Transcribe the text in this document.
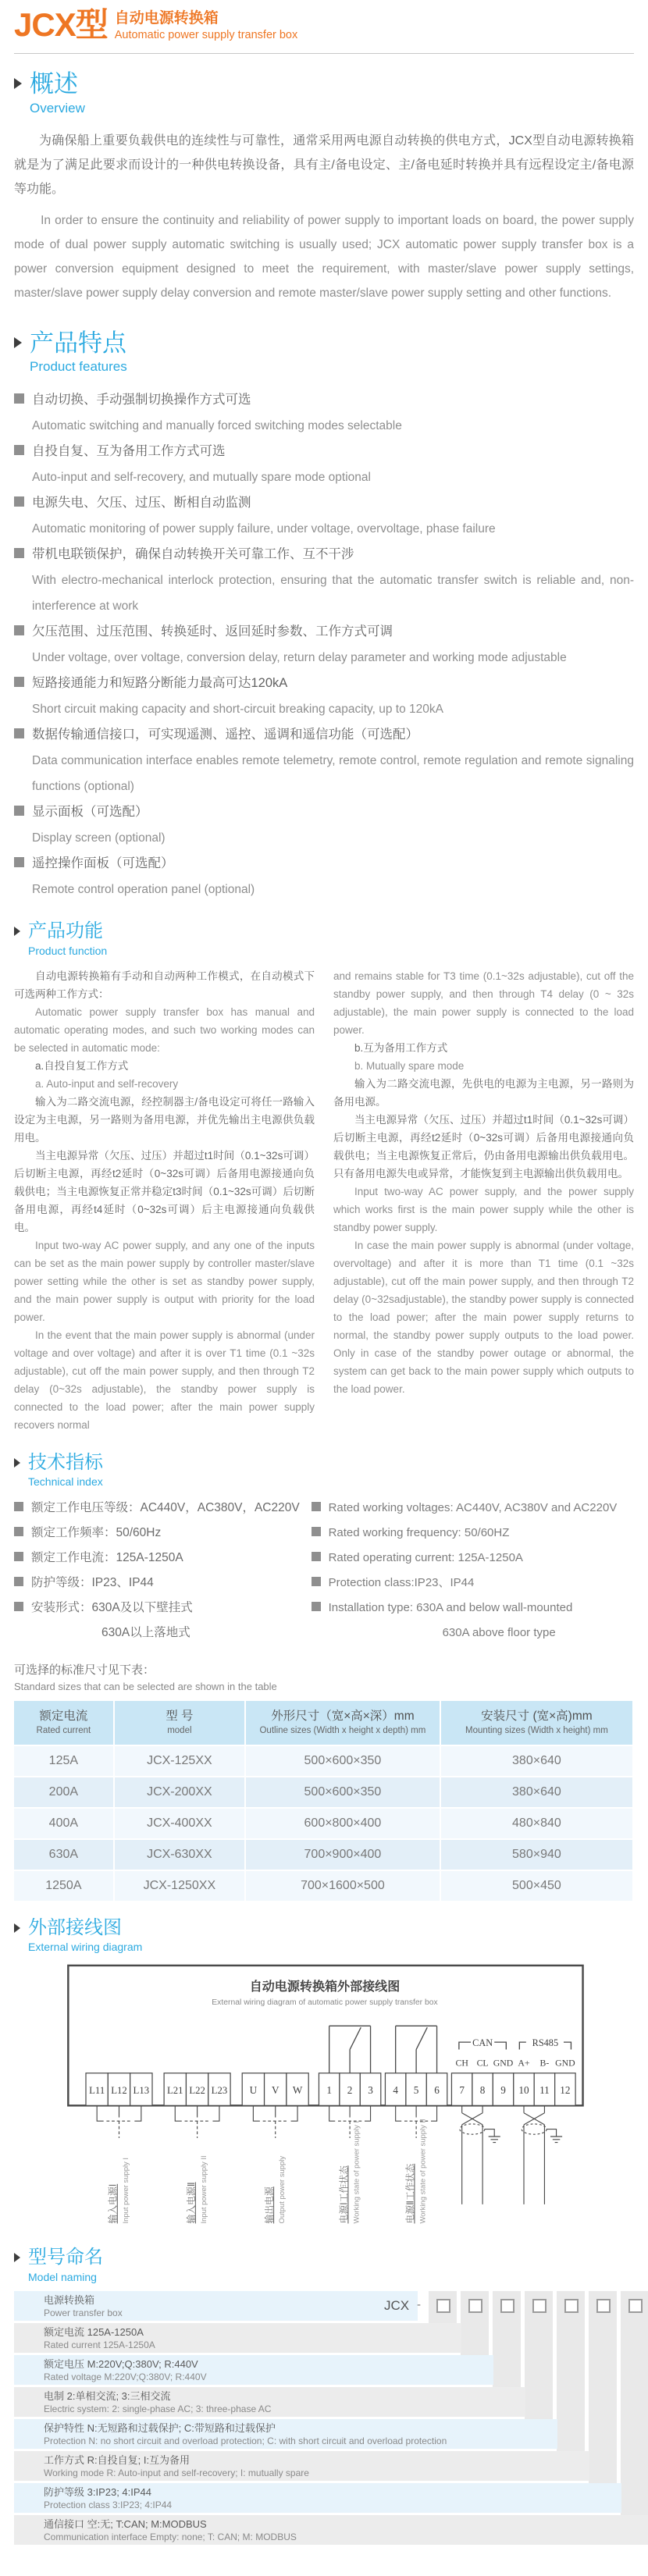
JCX型 自动电源转换箱
Automatic power supply transfer box
概述
Overview

为确保船上重要负载供电的连续性与可靠性，通常采用两电源自动转换的供电方式，JCX型自动电源转换箱就是为了满足此要求而设计的一种供电转换设备，具有主/备电设定、主/备电延时转换并具有远程设定主/备电源等功能。

In order to ensure the continuity and reliability of power supply to important loads on board, the power supply mode of dual power supply automatic switching is usually used; JCX automatic power supply transfer box is a power conversion equipment designed to meet the requirement, with master/slave power supply settings, master/slave power supply delay conversion and remote master/slave power supply setting and other functions.

产品特点
Product features
自动切换、手动强制切换操作方式可选
Automatic switching and manually forced switching modes selectable
自投自复、互为备用工作方式可选
Auto-input and self-recovery, and mutually spare mode optional
电源失电、欠压、过压、断相自动监测
Automatic monitoring of power supply failure, under voltage, overvoltage, phase failure
带机电联锁保护，确保自动转换开关可靠工作、互不干涉
With electro-mechanical interlock protection, ensuring that the automatic transfer switch is reliable and, non-interference at work
欠压范围、过压范围、转换延时、返回延时参数、工作方式可调
Under voltage, over voltage, conversion delay, return delay parameter and working mode adjustable
短路接通能力和短路分断能力最高可达120kA
Short circuit making capacity and short-circuit breaking capacity, up to 120kA
数据传输通信接口，可实现遥测、遥控、遥调和遥信功能（可选配）
Data communication interface enables remote telemetry, remote control, remote regulation and remote signaling functions (optional)
显示面板（可选配）
Display screen (optional)
遥控操作面板（可选配）
Remote control operation panel (optional)
产品功能
Product function

自动电源转换箱有手动和自动两种工作模式，在自动模式下可选两种工作方式：

Automatic power supply transfer box has manual and automatic operating modes, and such two working modes can be selected in automatic mode:

a.自投自复工作方式

a. Auto-input and self-recovery

输入为二路交流电源，经控制器主/备电设定可将任一路输入设定为主电源，另一路则为备用电源，并优先输出主电源供负载用电。

当主电源异常（欠压、过压）并超过t1时间（0.1~32s可调）后切断主电源，再经t2延时（0~32s可调）后备用电源接通向负载供电；当主电源恢复正常并稳定t3时间（0.1~32s可调）后切断备用电源，再经t4延时（0~32s可调）后主电源接通向负载供电。

Input two-way AC power supply, and any one of the inputs can be set as the main power supply by controller master/slave power setting while the other is set as standby power supply, and the main power supply is output with priority for the load power.

In the event that the main power supply is abnormal (under voltage and over voltage) and after it is over T1 time (0.1 ~32s adjustable), cut off the main power supply, and then through T2 delay (0~32s adjustable), the standby power supply is connected to the load power; after the main power supply recovers normal

and remains stable for T3 time (0.1~32s adjustable), cut off the standby power supply, and then through T4 delay (0 ~ 32s adjustable), the main power supply is connected to the load power.

b.互为备用工作方式

b. Mutually spare mode

输入为二路交流电源，先供电的电源为主电源，另一路则为备用电源。

当主电源异常（欠压、过压）并超过t1时间（0.1~32s可调）后切断主电源，再经t2延时（0~32s可调）后备用电源接通向负载供电；当主电源恢复正常后，仍由备用电源输出供负载用电。只有备用电源失电或异常，才能恢复到主电源输出供负载用电。

Input two-way AC power supply, and the power supply which works first is the main power supply while the other is standby power supply.

In case the main power supply is abnormal (under voltage, overvoltage) and after it is more than T1 time (0.1 ~32s adjustable), cut off the main power supply, and then through T2 delay (0~32sadjustable), the standby power supply is connected to the load power; after the main power supply returns to normal, the standby power supply outputs to the load power. Only in case of the standby power outage or abnormal, the system can get back to the main power supply which outputs to the load power.

技术指标
Technical index
额定工作电压等级：AC440V，AC380V，AC220V
额定工作频率：50/60Hz
额定工作电流：125A-1250A
防护等级：IP23、IP44
安装形式：630A及以下壁挂式
630A以上落地式
Rated working voltages: AC440V, AC380V and AC220V
Rated working frequency: 50/60HZ
Rated operating current: 125A-1250A
Protection class:IP23、IP44
Installation type: 630A and below wall-mounted
630A above floor type
可选择的标准尺寸见下表：
Standard sizes that can be selected are shown in the table
额定电流
Rated current

型 号
model

外形尺寸（宽×高×深）mm
Outline sizes (Width x height x depth) mm

安装尺寸 (宽×高)mm
Mounting sizes (Width x height) mm

125A	JCX-125XX	500×600×350	380×640
200A	JCX-200XX	500×600×350	380×640
400A	JCX-400XX	600×800×400	480×840
630A	JCX-630XX	700×900×400	580×940
1250A	JCX-1250XX	700×1600×500	500×450
外部接线图
External wiring diagram
自动电源转换箱外部接线图
External wiring diagram of automatic power supply transfer box
CAN	RS485
CH CL GND A+ B- GND
L11 L12 L13 L21 L22 L23 U V W 1 2 3 4 5 6 7 8 9 10 11 12
输入电源Ⅰ Input power supply I	输入电源Ⅱ Input power supply II	输出电源 Output power supply	电源Ⅰ工作状态 Working state of power supply I	电源Ⅱ工作状态 Working state of power supply II
型号命名
Model naming
电源转换箱
Power transfer box
额定电流 125A-1250A
Rated current 125A-1250A
额定电压 M:220V;Q:380V; R:440V
Rated voltage M:220V;Q:380V; R:440V
电制 2:单相交流; 3:三相交流
Electric system: 2: single-phase AC; 3: three-phase AC
保护特性 N:无短路和过载保护; C:带短路和过载保护
Protection N: no short circuit and overload protection; C: with short circuit and overload protection
工作方式 R:自投自复; I:互为备用
Working mode R: Auto-input and self-recovery; I: mutually spare
防护等级 3:IP23; 4:IP44
Protection class 3:IP23; 4:IP44
通信接口 空:无; T:CAN; M:MODBUS
Communication interface Empty: none; T: CAN; M: MODBUS
JCX -
